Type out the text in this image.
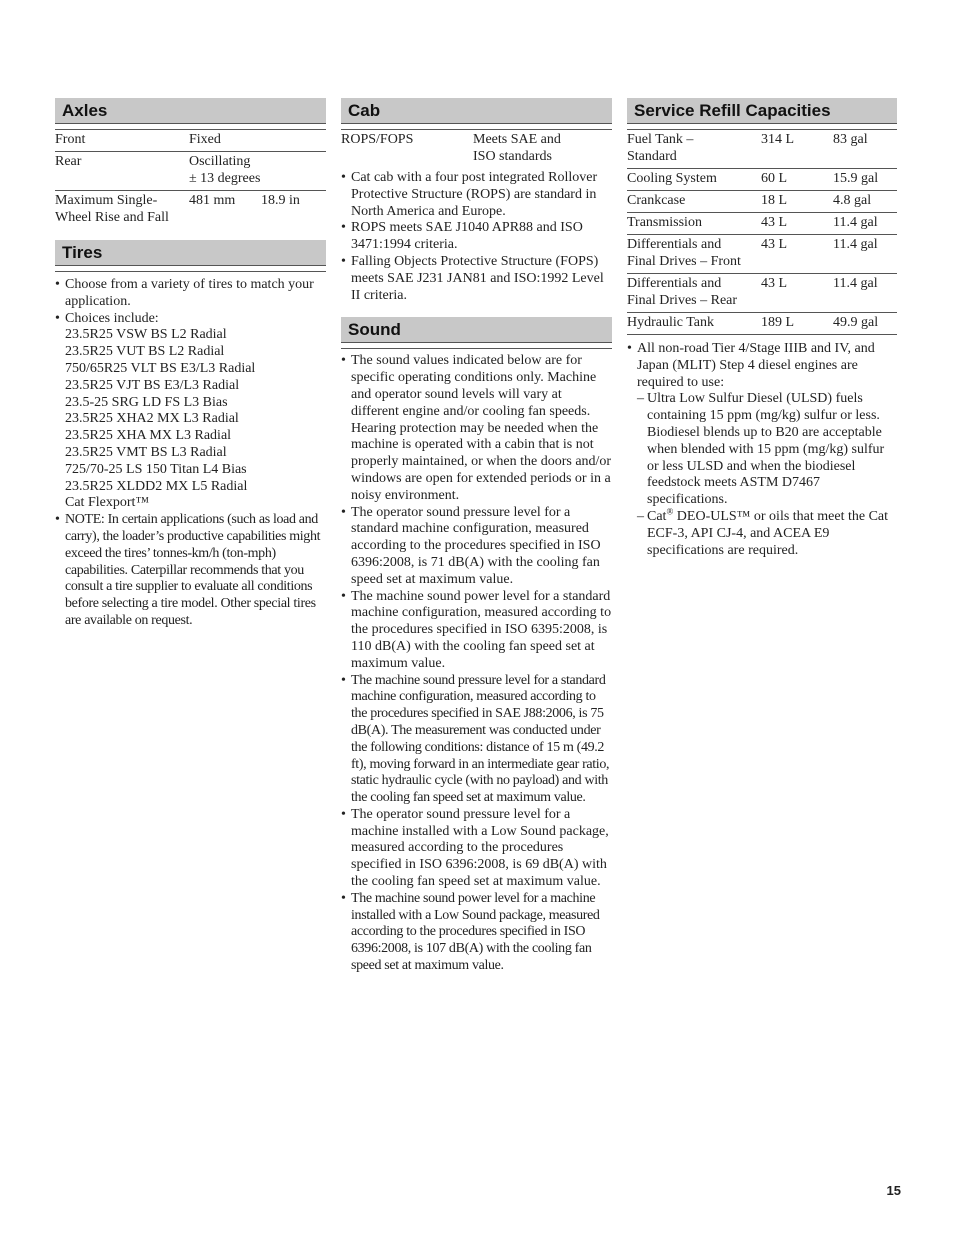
Axles
Front	Fixed	
Rear	Oscillating
± 13 degrees	
Maximum Single-Wheel Rise and Fall	481 mm	18.9 in
Tires
• Choose from a variety of tires to match your application.
• Choices include:
23.5R25 VSW BS L2 Radial
23.5R25 VUT BS L2 Radial
750/65R25 VLT BS E3/L3 Radial
23.5R25 VJT BS E3/L3 Radial
23.5-25 SRG LD FS L3 Bias
23.5R25 XHA2 MX L3 Radial
23.5R25 XHA MX L3 Radial
23.5R25 VMT BS L3 Radial
725/70-25 LS 150 Titan L4 Bias
23.5R25 XLDD2 MX L5 Radial
Cat Flexport™
• NOTE: In certain applications (such as load and carry), the loader’s productive capabilities might exceed the tires’ tonnes-km/h (ton-mph) capabilities. Caterpillar recommends that you consult a tire supplier to evaluate all conditions before selecting a tire model. Other special tires are available on request.
Cab
ROPS/FOPS	Meets SAE and
ISO standards
• Cat cab with a four post integrated Rollover Protective Structure (ROPS) are standard in North America and Europe.
• ROPS meets SAE J1040 APR88 and ISO 3471:1994 criteria.
• Falling Objects Protective Structure (FOPS) meets SAE J231 JAN81 and ISO:1992 Level II criteria.
Sound
• The sound values indicated below are for specific operating conditions only. Machine and operator sound levels will vary at different engine and/or cooling fan speeds. Hearing protection may be needed when the machine is operated with a cabin that is not properly maintained, or when the doors and/or windows are open for extended periods or in a noisy environment.
• The operator sound pressure level for a standard machine configuration, measured according to the procedures specified in ISO 6396:2008, is 71 dB(A) with the cooling fan speed set at maximum value.
• The machine sound power level for a standard machine configuration, measured according to the procedures specified in ISO 6395:2008, is 110 dB(A) with the cooling fan speed set at maximum value.
• The machine sound pressure level for a standard machine configuration, measured according to the procedures specified in SAE J88:2006, is 75 dB(A). The measurement was conducted under the following conditions: distance of 15 m (49.2 ft), moving forward in an intermediate gear ratio, static hydraulic cycle (with no payload) and with the cooling fan speed set at maximum value.
• The operator sound pressure level for a machine installed with a Low Sound package, measured according to the procedures specified in ISO 6396:2008, is 69 dB(A) with the cooling fan speed set at maximum value.
• The machine sound power level for a machine installed with a Low Sound package, measured according to the procedures specified in ISO 6396:2008, is 107 dB(A) with the cooling fan speed set at maximum value.
Service Refill Capacities
Fuel Tank –
Standard	314 L	83 gal
Cooling System	60 L	15.9 gal
Crankcase	18 L	4.8 gal
Transmission	43 L	11.4 gal
Differentials and
Final Drives – Front	43 L	11.4 gal
Differentials and
Final Drives – Rear	43 L	11.4 gal
Hydraulic Tank	189 L	49.9 gal
• All non-road Tier 4/Stage IIIB and IV, and Japan (MLIT) Step 4 diesel engines are required to use:
– Ultra Low Sulfur Diesel (ULSD) fuels containing 15 ppm (mg/kg) sulfur or less. Biodiesel blends up to B20 are acceptable when blended with 15 ppm (mg/kg) sulfur or less ULSD and when the biodiesel feedstock meets ASTM D7467 specifications.
– Cat® DEO-ULS™ or oils that meet the Cat ECF-3, API CJ-4, and ACEA E9 specifications are required.
15
